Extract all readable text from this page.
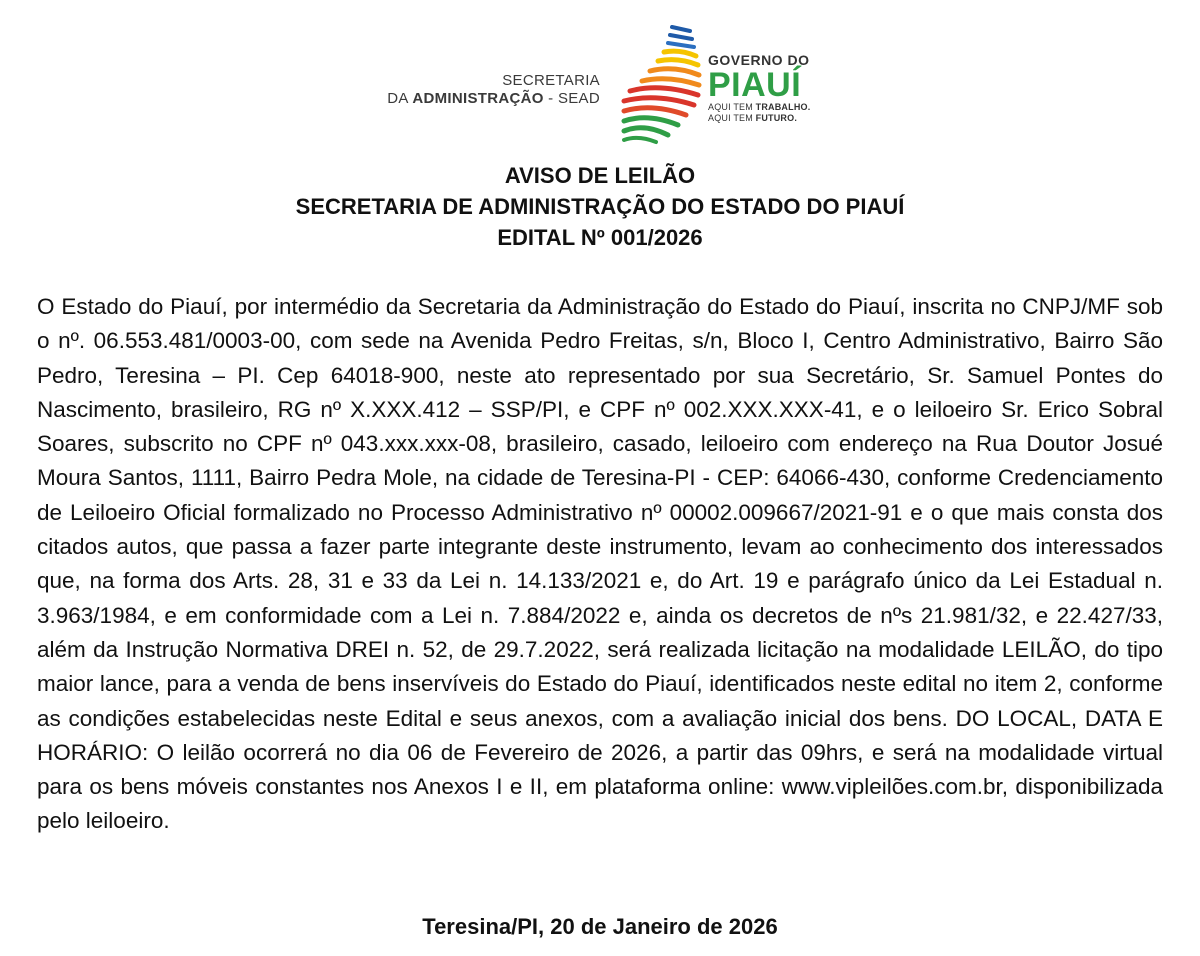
SECRETARIA
DA ADMINISTRAÇÃO - SEAD
GOVERNO DO
PIAUÍ
AQUI TEM TRABALHO.
AQUI TEM FUTURO.
AVISO DE LEILÃO
SECRETARIA DE ADMINISTRAÇÃO DO ESTADO DO PIAUÍ
EDITAL Nº 001/2026

O Estado do Piauí, por intermédio da Secretaria da Administração do Estado do Piauí, inscrita no CNPJ/MF sob o nº. 06.553.481/0003-00, com sede na Avenida Pedro Freitas, s/n, Bloco I, Centro Administrativo, Bairro São Pedro, Teresina – PI. Cep 64018-900, neste ato representado por sua Secretário, Sr. Samuel Pontes do Nascimento, brasileiro, RG nº X.XXX.412 – SSP/PI, e CPF nº 002.XXX.XXX-41, e o leiloeiro Sr. Erico Sobral Soares, subscrito no CPF nº 043.xxx.xxx-08, brasileiro, casado, leiloeiro com endereço na Rua Doutor Josué Moura Santos, 1111, Bairro Pedra Mole, na cidade de Teresina-PI - CEP: 64066-430, conforme Credenciamento de Leiloeiro Oficial formalizado no Processo Administrativo nº 00002.009667/2021-91 e o que mais consta dos citados autos, que passa a fazer parte integrante deste instrumento, levam ao conhecimento dos interessados que, na forma dos Arts. 28, 31 e 33 da Lei n. 14.133/2021 e, do Art. 19 e parágrafo único da Lei Estadual n. 3.963/1984, e em conformidade com a Lei n. 7.884/2022 e, ainda os decretos de nºs 21.981/32, e 22.427/33, além da Instrução Normativa DREI n. 52, de 29.7.2022, será realizada licitação na modalidade LEILÃO, do tipo maior lance, para a venda de bens inservíveis do Estado do Piauí, identificados neste edital no item 2, conforme as condições estabelecidas neste Edital e seus anexos, com a avaliação inicial dos bens. DO LOCAL, DATA E HORÁRIO: O leilão ocorrerá no dia 06 de Fevereiro de 2026, a partir das 09hrs, e será na modalidade virtual para os bens móveis constantes nos Anexos I e II, em plataforma online: www.vipleilões.com.br, disponibilizada pelo leiloeiro.

Teresina/PI, 20 de Janeiro de 2026
